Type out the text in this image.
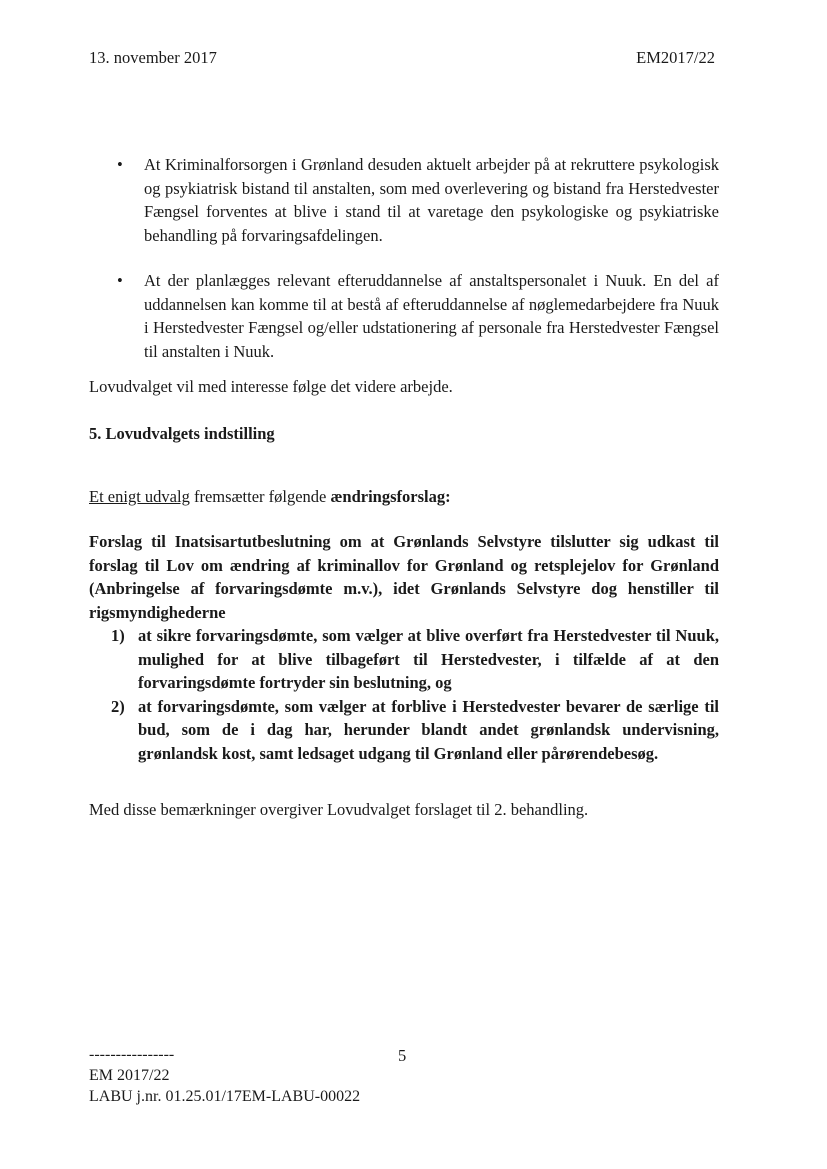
13. november 2017	EM2017/22
• At Kriminalforsorgen i Grønland desuden aktuelt arbejder på at rekruttere psykologisk og psykiatrisk bistand til anstalten, som med overlevering og bistand fra Herstedvester Fængsel forventes at blive i stand til at varetage den psykologiske og psykiatriske behandling på forvaringsafdelingen.
• At der planlægges relevant efteruddannelse af anstaltspersonalet i Nuuk. En del af uddannelsen kan komme til at bestå af efteruddannelse af nøglemedarbejdere fra Nuuk i Herstedvester Fængsel og/eller udstationering af personale fra Herstedvester Fængsel til anstalten i Nuuk.
Lovudvalget vil med interesse følge det videre arbejde.
5. Lovudvalgets indstilling
Et enigt udvalg fremsætter følgende ændringsforslag:
Forslag til Inatsisartutbeslutning om at Grønlands Selvstyre tilslutter sig udkast til forslag til Lov om ændring af kriminallov for Grønland og retsplejelov for Grønland (Anbringelse af forvaringsdømte m.v.), idet Grønlands Selvstyre dog henstiller til rigsmyndighederne
1) at sikre forvaringsdømte, som vælger at blive overført fra Herstedvester til Nuuk, mulighed for at blive tilbageført til Herstedvester, i tilfælde af at den forvaringsdømte fortryder sin beslutning, og
2) at forvaringsdømte, som vælger at forblive i Herstedvester bevarer de særlige til bud, som de i dag har, herunder blandt andet grønlandsk undervisning, grønlandsk kost, samt ledsaget udgang til Grønland eller pårørendebesøg.
Med disse bemærkninger overgiver Lovudvalget forslaget til 2. behandling.
5
----------------
EM 2017/22
LABU j.nr. 01.25.01/17EM-LABU-00022
